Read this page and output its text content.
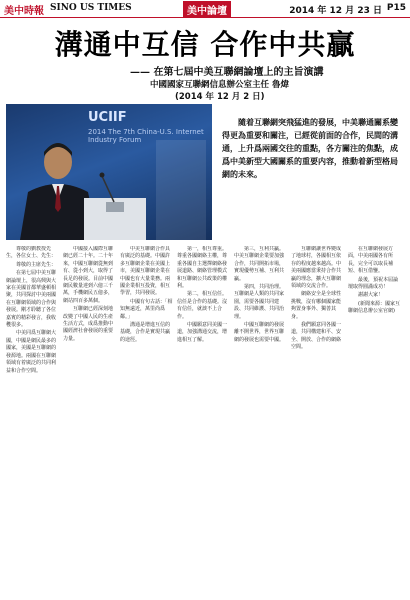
美中時報 SINO US TIMES	美中論壇	2014 年 12 月 23 日 P15
溝通中互信 合作中共贏
—— 在第七屆中美互聯網論壇上的主旨演講
中國國家互聯網信息辦公室主任 魯煒
(2014 年 12 月 2 日)
UCIIF
2014 The 7th China-U.S. Internet Industry Forum

隨着互聯網突飛猛進的發展，中美聯通關系變得更為重要和關注，已經從前面的合作，民間的溝通，上升爲兩國交往的重點，各方關注的焦點，成爲中美新型大國關系的重要内容，推動着新型格局網的未來。

尊敬的劉教授先生，各位女士、先生：

尊敬的主席先生：

在第七屆中美互聯網論壇上，很高興與大家在美國首都華盛頓相聚，共同探討中美兩國在互聯網領域的合作與發展。剛才聆聽了各位嘉賓的精彩發言，我收穫很多。

中美同爲互聯網大國，中國是網民最多的國家，美國是互聯網的發源地。兩國在互聯網領域有着廣泛的共同利益和合作空間。

中國接入國際互聯網已經二十年。二十年來，中國互聯網從無到有、從小到大，取得了長足的發展。目前中國網民數量達到六億三千萬，手機網民五億多，網站四百多萬個。

互聯網已經深刻地改變了中國人民的生產生活方式，成爲推動中國經濟社會發展的重要力量。

中美互聯網合作具有廣泛的基礎。中國許多互聯網企業在美國上市，美國互聯網企業在中國也有大量業務。兩國企業相互投資，相互學習，共同發展。

中國有句古話：「相知無遠近，萬里尚爲鄰。」

溝通是增進互信的基礎，合作是實現共贏的途徑。

第一，相互尊重。尊重各國網絡主權，尊重各國自主選擇網絡發展道路、網絡管理模式和互聯網公共政策的權利。

第二，相互信任。信任是合作的基礎。沒有信任，就談不上合作。

中國願意同美國一道，加強溝通交流，增進相互了解。

第三，互利共贏。中美互聯網企業要加強合作，共同開拓市場，實現優勢互補、互利共贏。

第四，共同治理。互聯網是人類的共同家園，需要各國共同建設、共同維護、共同治理。

中國互聯網的發展離不開世界，世界互聯網的發展也需要中國。

互聯網讓世界變成了地球村，各國相互依存的程度越來越高。中美兩國應當秉持合作共贏的理念，擴大互聯網領域的交流合作。

網絡安全是全球性挑戰，沒有哪個國家能夠置身事外、獨善其身。

我們願意同各國一道，共同構建和平、安全、開放、合作的網絡空間。

在互聯網發展方面，中美兩國各有所長，完全可以取長補短、相互借鑒。

最後，預祝本屆論壇取得圓滿成功！

謝謝大家！

(新聞來源：國家互聯網信息辦公室官網)
